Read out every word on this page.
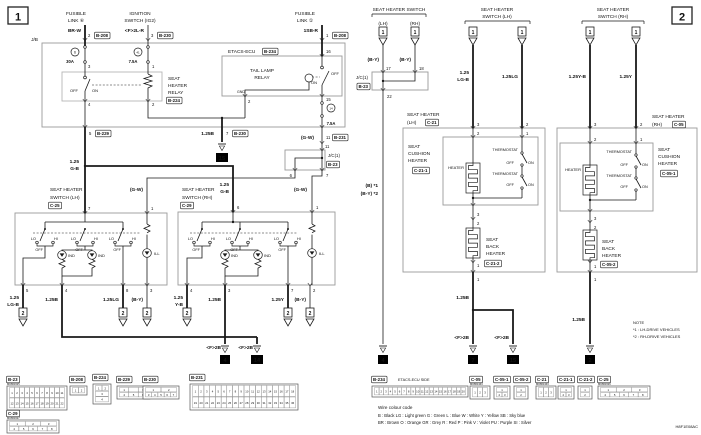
1	2
6
30A
41
7.5A
14
7.5A
15
4	14	4	7	15	2
2	2	2	2	2	2
1	1	1	1	1	1
FUSIBLE
LINK ⑥
IGNITION
SWITCH (IG2)
FUSIBLE
LINK ①
J/B
BR-W	<F>2L-R	1SB-R
2	3	1
16
3	1
SEAT
HEATER
RELAY
OFF	ON
4	2
ETACS-ECU
TAIL LAMP
RELAY
ON
OFF
GND
2	15
5	1.25B	7
(G-W)	11
11
J/C(1)
6	7
1.25
G-B
1.25
G-B
(G-W)	(G-W)
SEAT HEATER
SWITCH (LH)
SEAT HEATER
SWITCH (RH)
7	1	6	1
LO	HI
OFF
LO	HI
OFF
LO	HI
OFF
LO	HI
OFF
LO	HI
OFF
LO	HI
OFF
IND	IND	IND	IND
ILL	ILL
5	4	8	3	4	3	7	2
1.25
LG-B
1.25B	1.25LG	(B-Y)	1.25
Y-B
1.25B	1.25Y (B-Y)
<F>2B	<F>2B
SEAT HEATER SWITCH
(LH)	(RH)
SEAT HEATER
SWITCH (LH)
SEAT HEATER
SWITCH (RH)
(B-Y)	(B-Y)
17	18
J/C(1)
22
1.25
LG-B
1.25LG	1.25Y-B	1.25Y
(B) *1
(B-Y) *2
SEAT HEATER
(LH)
SEAT HEATER
(RH)
3	2
2	1
3	2
2	1
SEAT
CUSHION
HEATER
SEAT
CUSHION
HEATER
HEATER	HEATER
THERMOSTAT
THERMOSTAT
THERMOSTAT
THERMOSTAT
OFF	ON
OFF	ON
OFF	ON
OFF	ON
3
2
1
1
3
2
1
1
SEAT
BACK
HEATER
SEAT
BACK
HEATER
1.25B
1.25B
<F>2B	<F>2B
B-208	B-230	B-208
B-234
B-224
B-229	B-230
B-231
B-23
C-25	C-29
B-23
C-21	C-05
C-21-1
C-05-1
C-21-2	C-05-2
B-23
MU801625
1 2 3 4 5 6 7 8 9 10 11
12 13 14 15 16 17 18 19 20 21 22
C-29
MU801627
1	2	3
4	5	6	7	8
B-208
1 2
B-224
1 2
3
4
B-229
1
4	5
B-230
1	2
3 4 5 6 7
B-231
1 2 3 4 5 6 7 8 9 10 11 12 13 14 15 16 17 18
19 20 21 22 23 24 25 26 27 28 29 30 31 32 33 34 35 36
B-234	ETACS-ECU SIDE
1 2 3 4 5 6 7 8 9 10 11 12 13 14 15 16 17 18 19 20
C-05
MU801443
1 2 3
C-05-1
1
2 3
C-05-2
1
2
C-21
MU801443
1 2 3
C-21-1
1
2 3
C-21-2
1
2
C-25
MU801626
1	2	3
4	5	6	7	8
Wire colour code
B : Black LG : Light green G : Green L : Blue W : White Y : Yellow SB : Sky blue
BR : Brown O : Orange GR : Grey R : Red P : Pink V : Violet PU : Purple SI : Silver
NOTE
*1 : LH-DRIVE VEHICLES
*2 : RH-DRIVE VEHICLES
H8F1E08AC
